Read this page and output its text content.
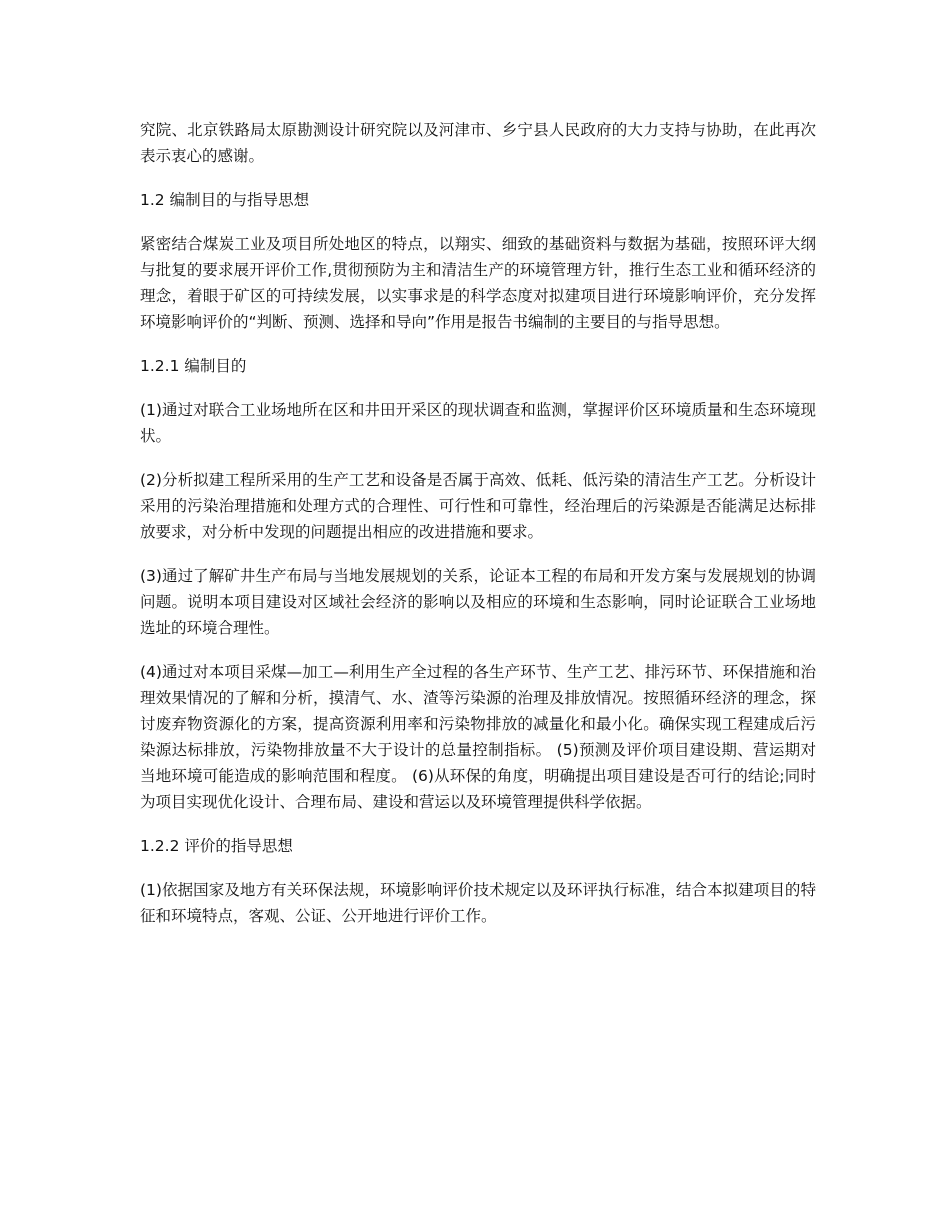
究院、北京铁路局太原勘测设计研究院以及河津市、乡宁县人民政府的大力支持与协助，在此再次表示衷心的感谢。

1.2 编制目的与指导思想

紧密结合煤炭工业及项目所处地区的特点，以翔实、细致的基础资料与数据为基础，按照环评大纲与批复的要求展开评价工作,贯彻预防为主和清洁生产的环境管理方针，推行生态工业和循环经济的理念，着眼于矿区的可持续发展，以实事求是的科学态度对拟建项目进行环境影响评价，充分发挥环境影响评价的“判断、预测、选择和导向”作用是报告书编制的主要目的与指导思想。

1.2.1 编制目的

(1)通过对联合工业场地所在区和井田开采区的现状调查和监测，掌握评价区环境质量和生态环境现状。

(2)分析拟建工程所采用的生产工艺和设备是否属于高效、低耗、低污染的清洁生产工艺。分析设计采用的污染治理措施和处理方式的合理性、可行性和可靠性，经治理后的污染源是否能满足达标排放要求，对分析中发现的问题提出相应的改进措施和要求。

(3)通过了解矿井生产布局与当地发展规划的关系，论证本工程的布局和开发方案与发展规划的协调问题。说明本项目建设对区域社会经济的影响以及相应的环境和生态影响，同时论证联合工业场地选址的环境合理性。

(4)通过对本项目采煤—加工—利用生产全过程的各生产环节、生产工艺、排污环节、环保措施和治理效果情况的了解和分析，摸清气、水、渣等污染源的治理及排放情况。按照循环经济的理念，探讨废弃物资源化的方案，提高资源利用率和污染物排放的减量化和最小化。确保实现工程建成后污染源达标排放，污染物排放量不大于设计的总量控制指标。 (5)预测及评价项目建设期、营运期对当地环境可能造成的影响范围和程度。 (6)从环保的角度，明确提出项目建设是否可行的结论;同时为项目实现优化设计、合理布局、建设和营运以及环境管理提供科学依据。

1.2.2 评价的指导思想

(1)依据国家及地方有关环保法规，环境影响评价技术规定以及环评执行标准，结合本拟建项目的特征和环境特点，客观、公证、公开地进行评价工作。
